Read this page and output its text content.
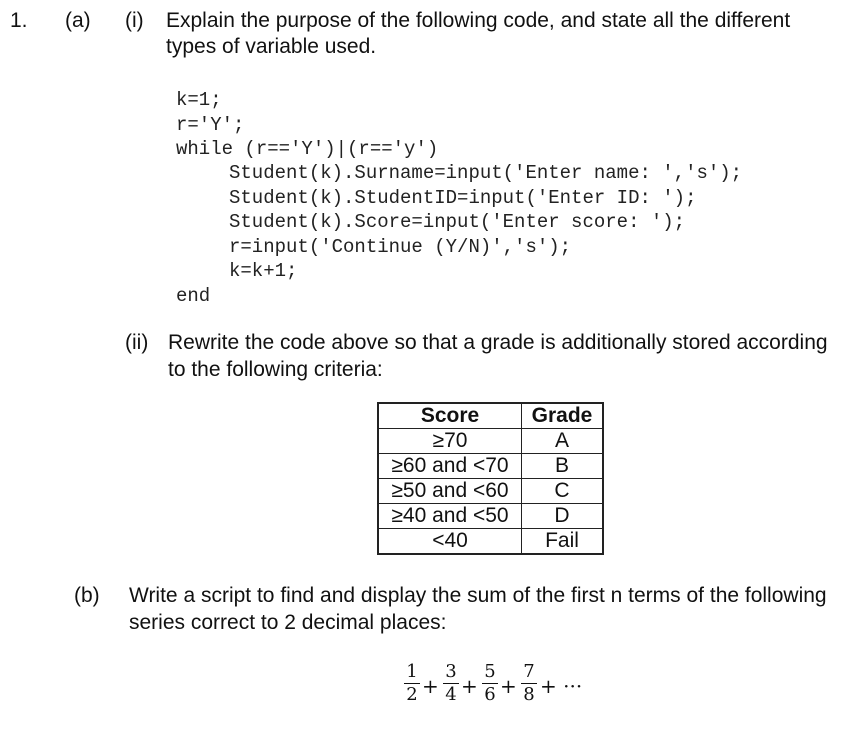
1. (a) (i) Explain the purpose of the following code, and state all the different
types of variable used.
k=1;
r='Y';
while (r=='Y')|(r=='y')
Student(k).Surname=input('Enter name: ','s');
Student(k).StudentID=input('Enter ID: ');
Student(k).Score=input('Enter score: ');
r=input('Continue (Y/N)','s');
k=k+1;
end
(ii) Rewrite the code above so that a grade is additionally stored according
to the following criteria:
Score	Grade
≥70	A
≥60 and <70	B
≥50 and <60	C
≥40 and <50	D
<40	Fail
(b) Write a script to find and display the sum of the first n terms of the following
series correct to 2 decimal places:
1
2 +
3
4 +
5
6 +
7
8 + ···
